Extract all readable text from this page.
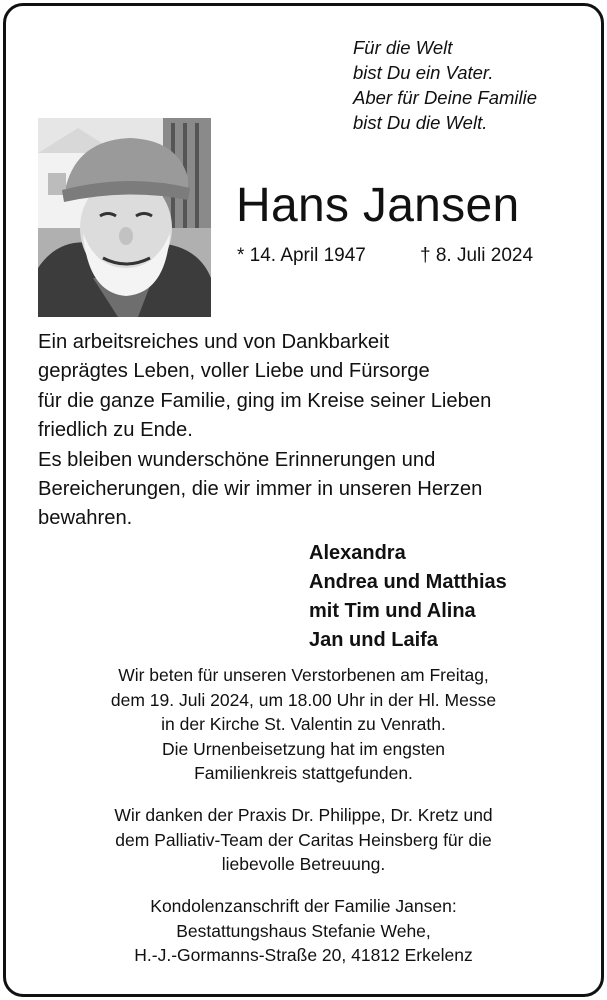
Für die Welt
bist Du ein Vater.
Aber für Deine Familie
bist Du die Welt.
Hans Jansen
* 14. April 1947	† 8. Juli 2024
Ein arbeitsreiches und von Dankbarkeit
geprägtes Leben, voller Liebe und Fürsorge
für die ganze Familie, ging im Kreise seiner Lieben
friedlich zu Ende.
Es bleiben wunderschöne Erinnerungen und
Bereicherungen, die wir immer in unseren Herzen
bewahren.
Alexandra
Andrea und Matthias
mit Tim und Alina
Jan und Laifa
Wir beten für unseren Verstorbenen am Freitag,
dem 19. Juli 2024, um 18.00 Uhr in der Hl. Messe
in der Kirche St. Valentin zu Venrath.
Die Urnenbeisetzung hat im engsten
Familienkreis stattgefunden.
Wir danken der Praxis Dr. Philippe, Dr. Kretz und
dem Palliativ-Team der Caritas Heinsberg für die
liebevolle Betreuung.
Kondolenzanschrift der Familie Jansen:
Bestattungshaus Stefanie Wehe,
H.-J.-Gormanns-Straße 20, 41812 Erkelenz
